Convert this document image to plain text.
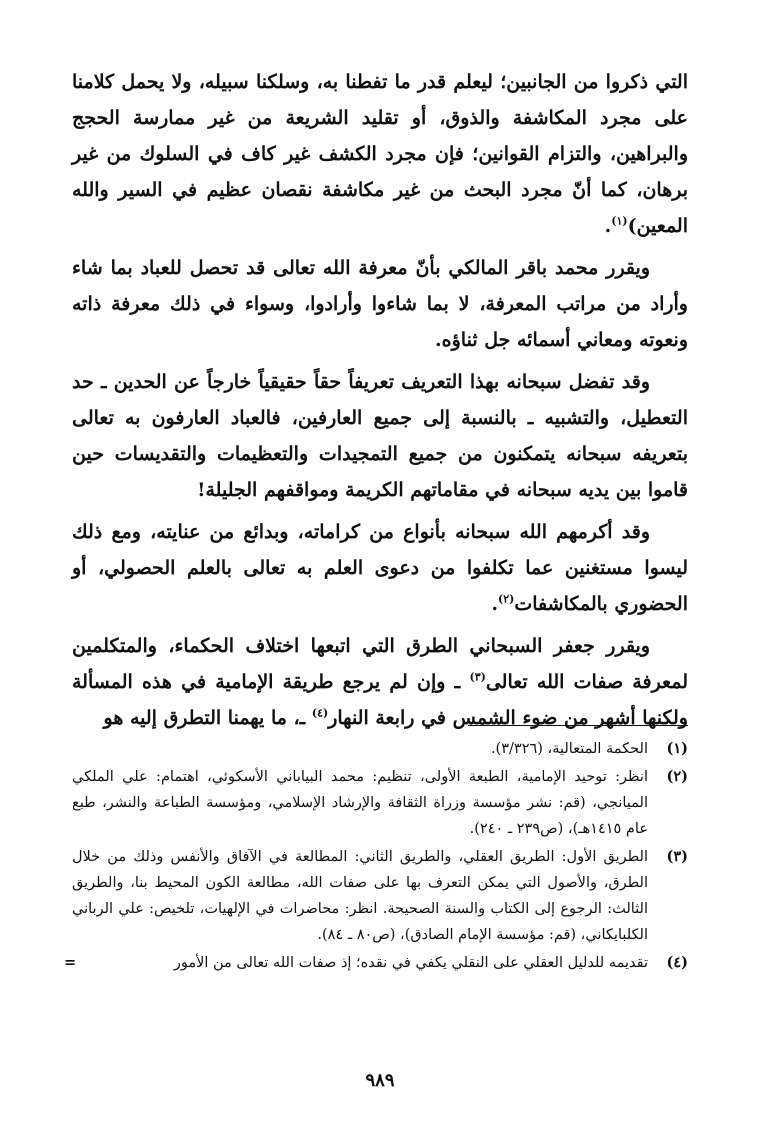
التي ذكروا من الجانبين؛ ليعلم قدر ما تفطنا به، وسلكنا سبيله، ولا يحمل كلامنا على مجرد المكاشفة والذوق، أو تقليد الشريعة من غير ممارسة الحجج والبراهين، والتزام القوانين؛ فإن مجرد الكشف غير كاف في السلوك من غير برهان، كما أنّ مجرد البحث من غير مكاشفة نقصان عظيم في السير والله المعين)$^{(١)}$.

ويقرر محمد باقر المالكي بأنّ معرفة الله تعالى قد تحصل للعباد بما شاء وأراد من مراتب المعرفة، لا بما شاءوا وأرادوا، وسواء في ذلك معرفة ذاته ونعوته ومعاني أسمائه جل ثناؤه.

وقد تفضل سبحانه بهذا التعريف تعريفاً حقاً حقيقياً خارجاً عن الحدين ـ حد التعطيل، والتشبيه ـ بالنسبة إلى جميع العارفين، فالعباد العارفون به تعالى بتعريفه سبحانه يتمكنون من جميع التمجيدات والتعظيمات والتقديسات حين قاموا بين يديه سبحانه في مقاماتهم الكريمة ومواقفهم الجليلة!

وقد أكرمهم الله سبحانه بأنواع من كراماته، وبدائع من عنايته، ومع ذلك ليسوا مستغنين عما تكلفوا من دعوى العلم به تعالى بالعلم الحصولي، أو الحضوري بالمكاشفات$^{(٢)}$.

ويقرر جعفر السبحاني الطرق التي اتبعها اختلاف الحكماء، والمتكلمين لمعرفة صفات الله تعالى$^{(٣)}$ ـ وإن لم يرجع طريقة الإمامية في هذه المسألة ولكنها أشهر من ضوء الشمس في رابعة النهار$^{(٤)}$ ـ، ما يهمنا التطرق إليه هو

(١)
الحكمة المتعالية، (٣/٣٢٦).
(٢)
انظر: توحيد الإمامية، الطبعة الأولى، تنظيم: محمد البياباني الأسكوئي، اهتمام: علي الملكي الميانجي، (قم: نشر مؤسسة وزراة الثقافة والإرشاد الإسلامي، ومؤسسة الطباعة والنشر، طبع عام ١٤١٥هـ)، (ص٢٣٩ ـ ٢٤٠).
(٣)
الطريق الأول: الطريق العقلي، والطريق الثاني: المطالعة في الآفاق والأنفس وذلك من خلال الطرق، والأصول التي يمكن التعرف بها على صفات الله، مطالعة الكون المحيط بنا، والطريق الثالث: الرجوع إلى الكتاب والسنة الصحيحة. انظر: محاضرات في الإلهيات، تلخيص: علي الرباني الكلبايكاني، (قم: مؤسسة الإمام الصادق)، (ص٨٠ ـ ٨٤).
(٤)
تقديمه للدليل العقلي على النقلي يكفي في نقده؛ إذ صفات الله تعالى من الأمور
=
٩٨٩
